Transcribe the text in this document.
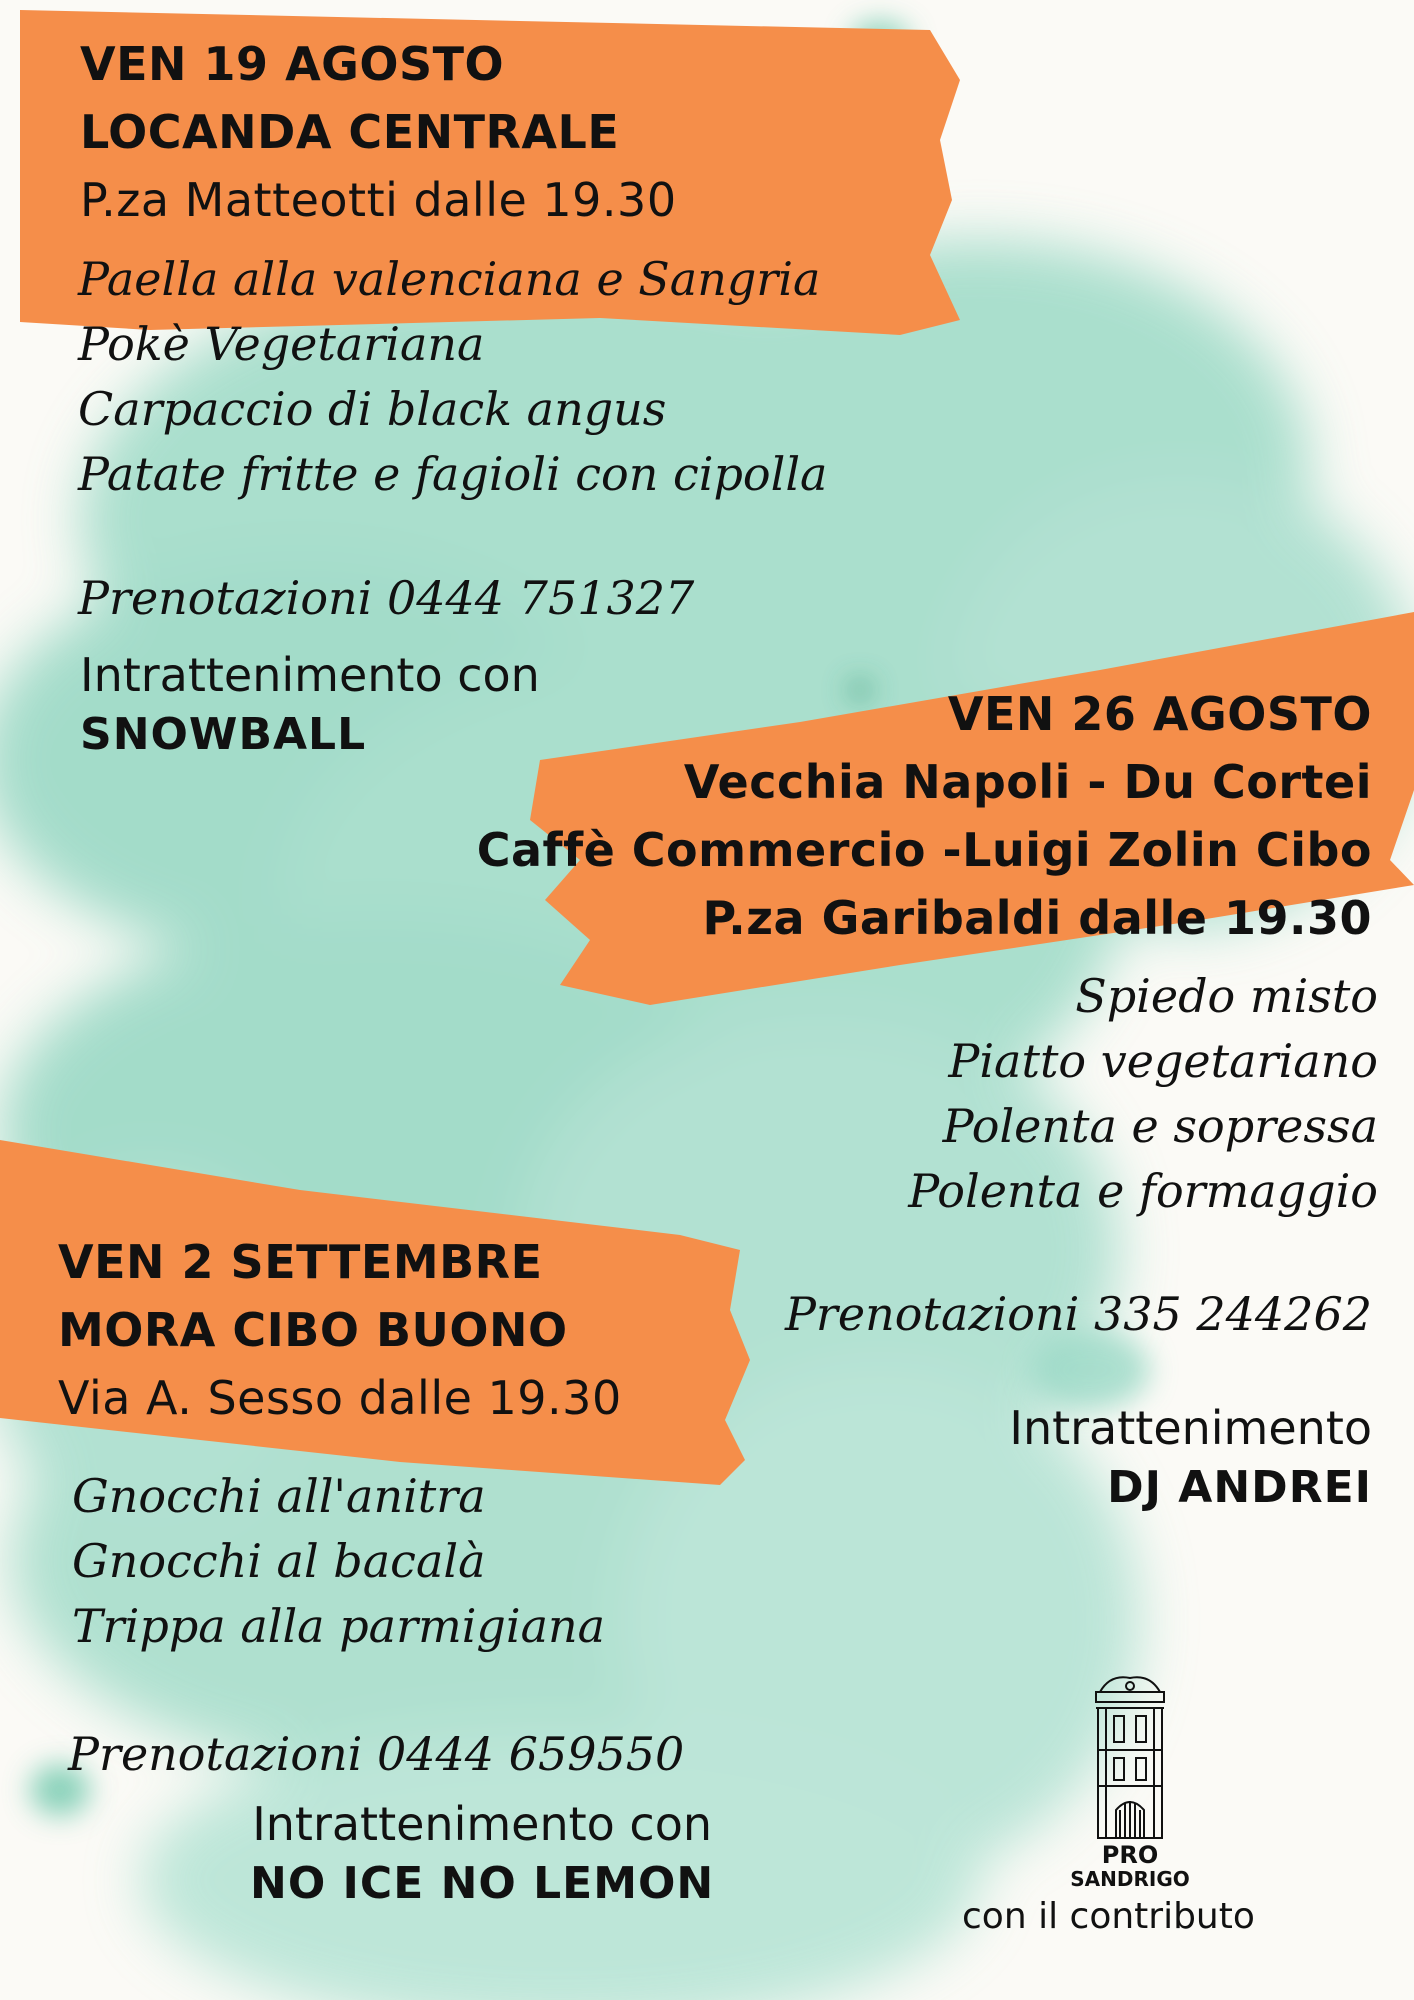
VEN 19 AGOSTO
LOCANDA CENTRALE
P.za Matteotti dalle 19.30
Paella alla valenciana e Sangria
Pokè Vegetariana
Carpaccio di black angus
Patate fritte e fagioli con cipolla
Prenotazioni 0444 751327
Intrattenimento con
SNOWBALL	VEN 26 AGOSTO
Vecchia Napoli - Du Cortei
Caffè Commercio -Luigi Zolin Cibo
P.za Garibaldi dalle 19.30
Spiedo misto
Piatto vegetariano
Polenta e sopressa
Polenta e formaggio
Prenotazioni 335 244262
Intrattenimento
DJ ANDREI
VEN 2 SETTEMBRE
MORA CIBO BUONO
Via A. Sesso dalle 19.30
Gnocchi all'anitra
Gnocchi al bacalà
Trippa alla parmigiana
Prenotazioni 0444 659550
Intrattenimento con
NO ICE NO LEMON
PRO
SANDRIGO
con il contributo
